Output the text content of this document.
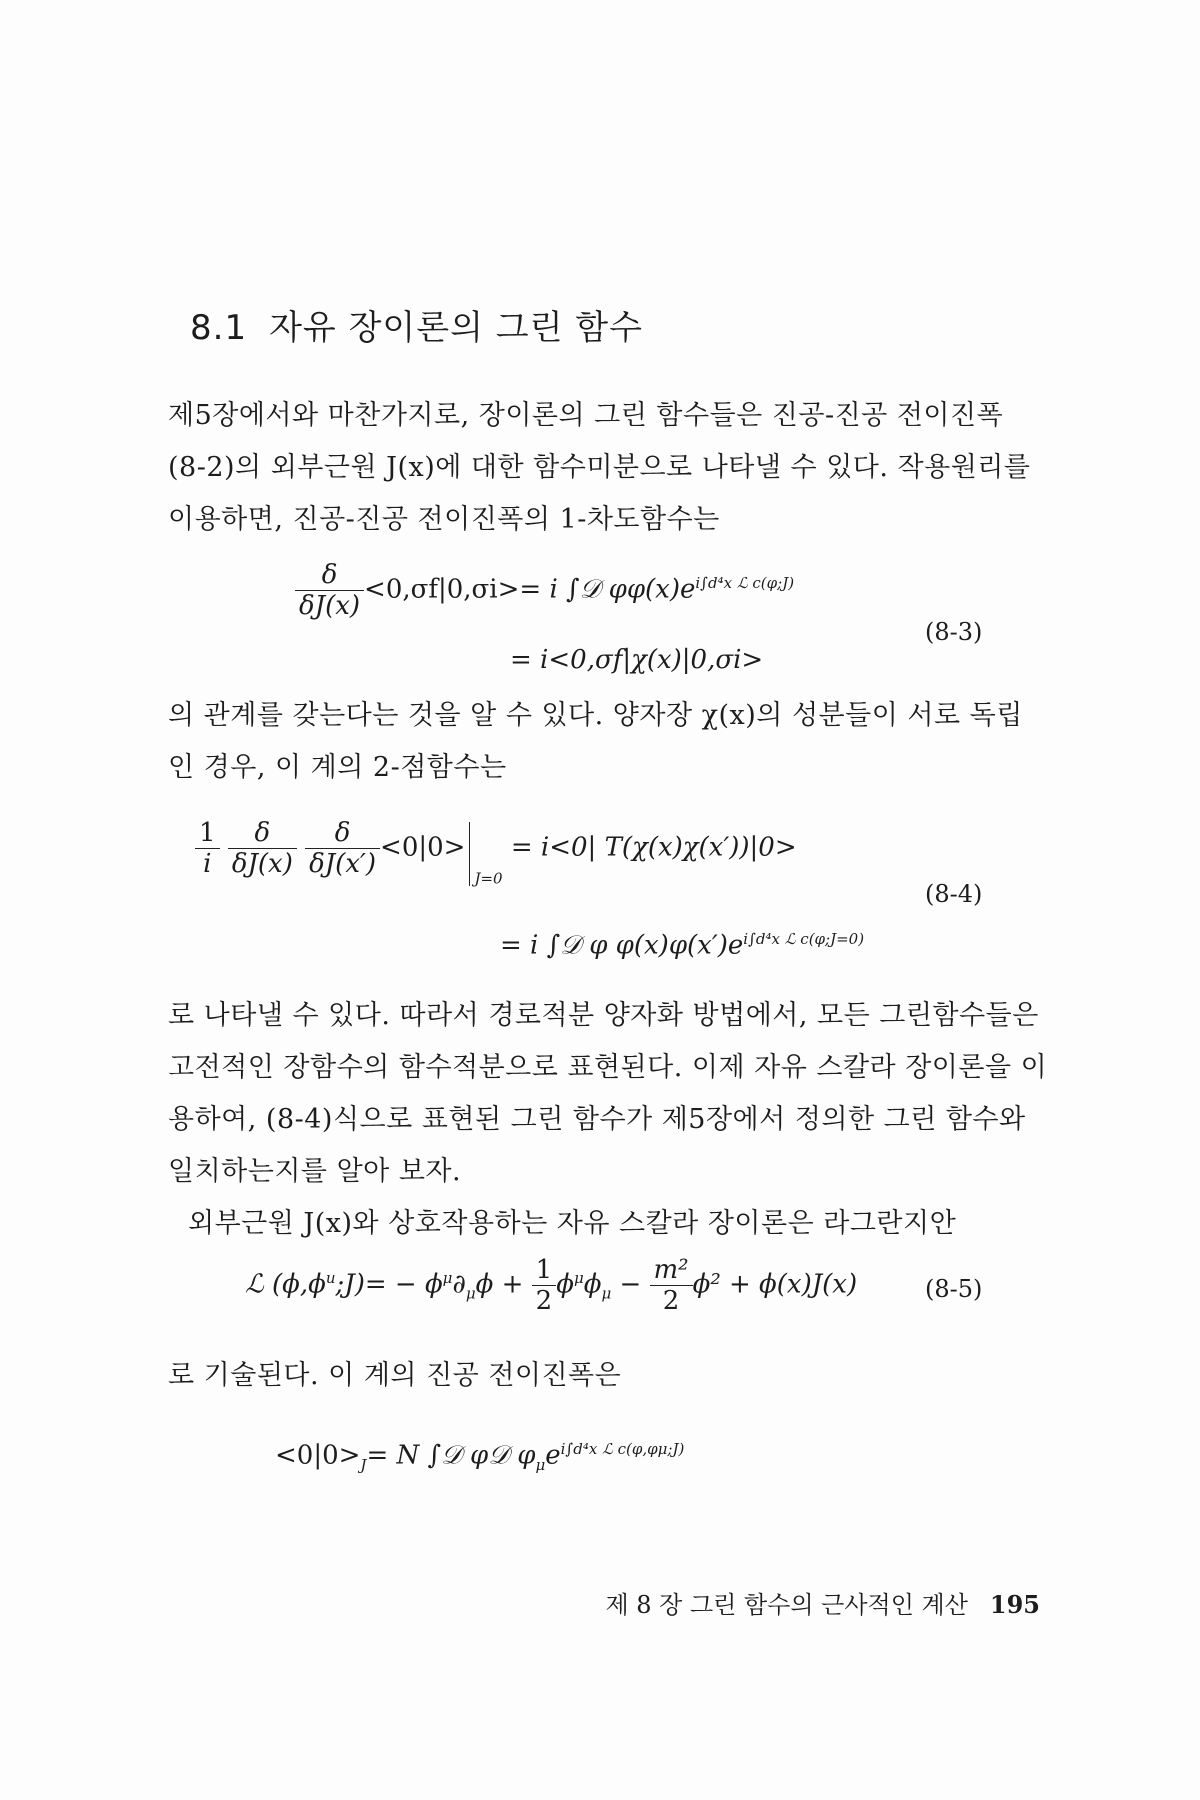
8.1 자유 장이론의 그린 함수
제5장에서와 마찬가지로, 장이론의 그린 함수들은 진공-진공 전이진폭
(8-2)의 외부근원 J(x)에 대한 함수미분으로 나타낼 수 있다. 작용원리를
이용하면, 진공-진공 전이진폭의 1-차도함수는
$\frac{\delta}{\delta J(x)} <0,\sigma f|0,\sigma i>= i$ ∫𝒟 $\varphi\varphi(x)e^{i\int d^4x ℒ c(\varphi;J)}$
= i<0,σf|χ(x)|0,σi>
(8-3)
의 관계를 갖는다는 것을 알 수 있다. 양자장 χ(x)의 성분들이 서로 독립
인 경우, 이 계의 2-점함수는
$\frac{1}{i}$
$\frac{\delta}{\delta J(x)}$
$\frac{\delta}{\delta J(x')} <0|0>_{J=0} = i<0|$ T(χ(x)χ(x′))|0>
= i ∫𝒟 φ $\varphi(x)\varphi(x')e^{i\int d^4x ℒ c(\varphi;J=0)}$
(8-4)
로 나타낼 수 있다. 따라서 경로적분 양자화 방법에서, 모든 그린함수들은
고전적인 장함수의 함수적분으로 표현된다. 이제 자유 스칼라 장이론을 이
용하여, (8-4)식으로 표현된 그린 함수가 제5장에서 정의한 그린 함수와
일치하는지를 알아 보자.
외부근원 J(x)와 상호작용하는 자유 스칼라 장이론은 라그란지안
ℒ $(\phi,\phi^u;J)= - \phi^\mu\partial_\mu\phi + \frac{1}{2} \phi^\mu\phi_\mu - \frac{\text{m²}}{2} \phi^2 + \phi(x)J(x)$	(8-5)
로 기술된다. 이 계의 진공 전이진폭은
$<0|0>_J= N$ ∫𝒟 φ𝒟 $\varphi_\mu e^{i\int d^4x ℒ c(\varphi,\varphi\mu;J)}$
제 8 장 그린 함수의 근사적인 계산 195
